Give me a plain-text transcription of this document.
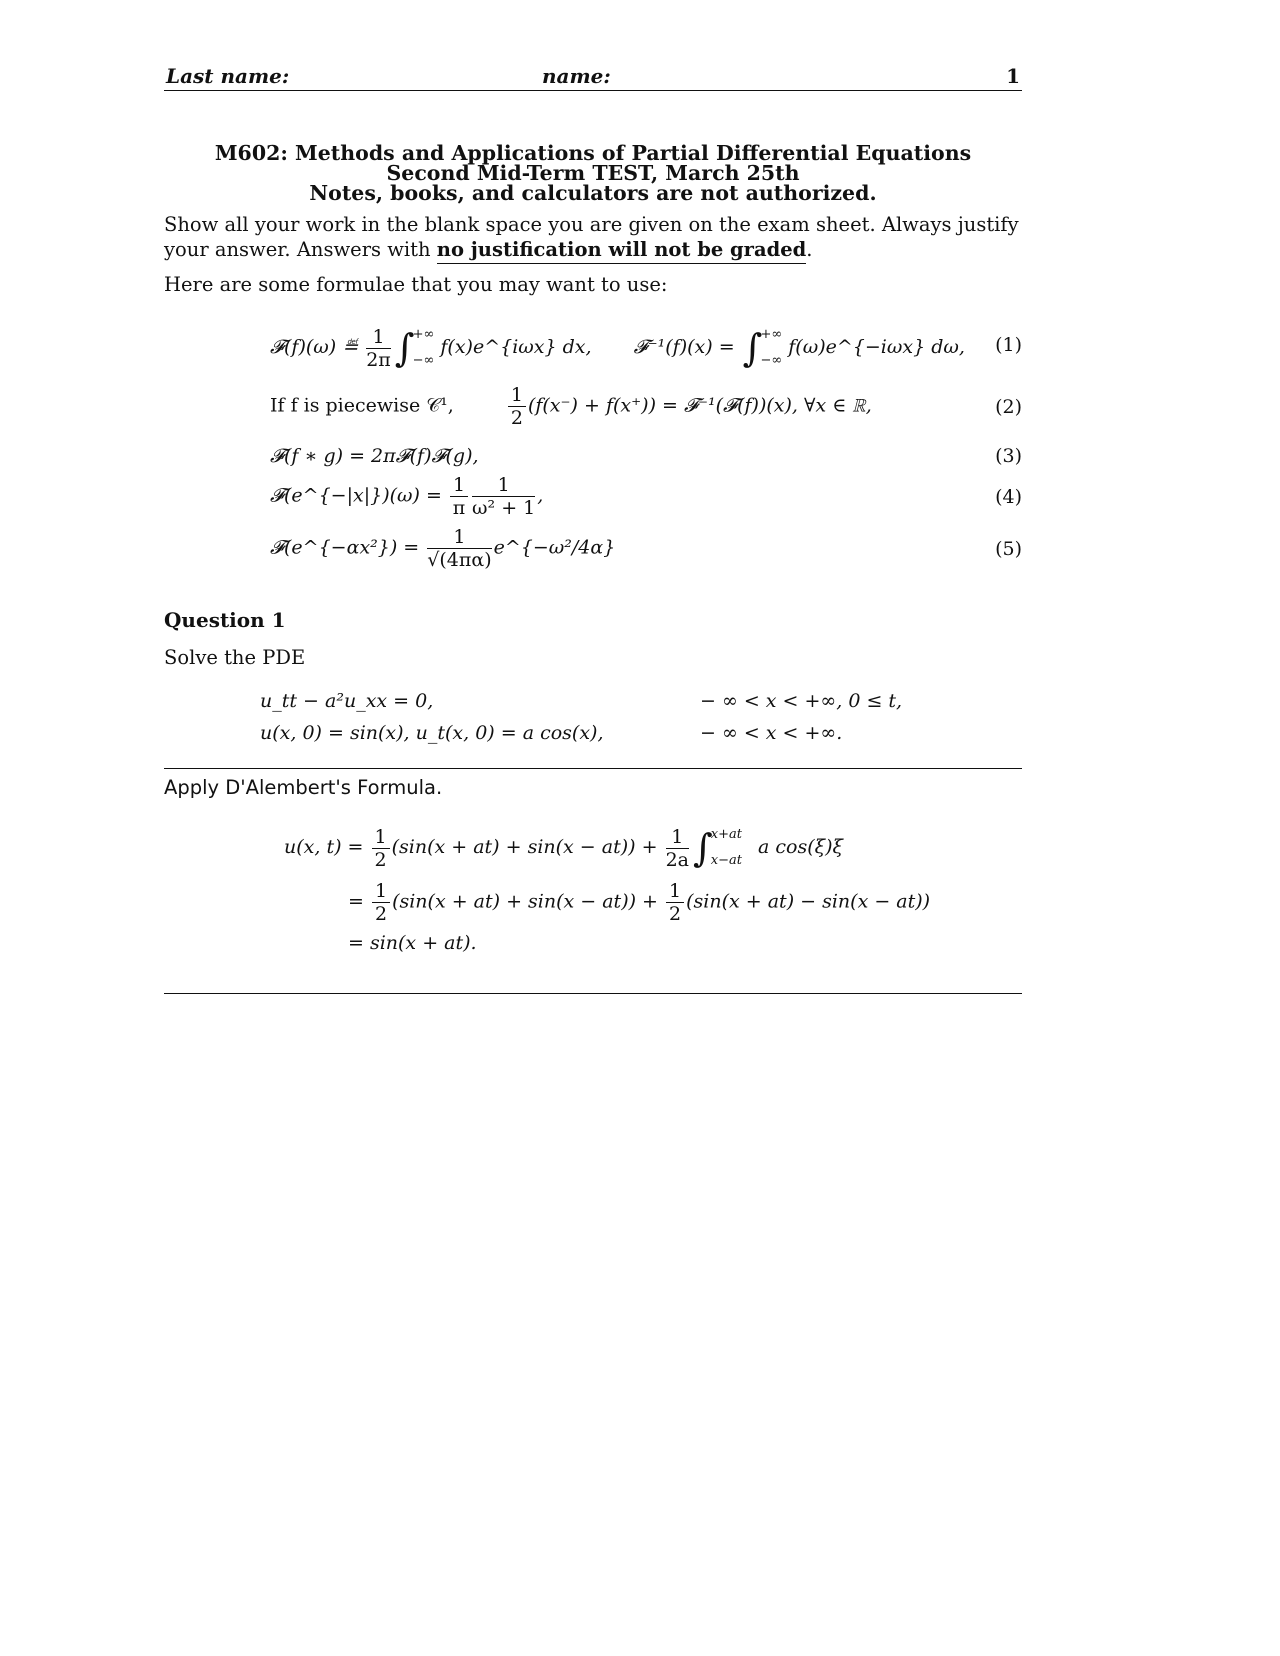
Last name:	name:	1
M602: Methods and Applications of Partial Differential Equations
Second Mid-Term TEST, March 25th
Notes, books, and calculators are not authorized.
Show all your work in the blank space you are given on the exam sheet. Always justify your answer. Answers with no justification will not be graded.
Here are some formulae that you may want to use:
𝓕(f)(ω) ≝ $\frac{1}{2\pi}$ ∫
+∞
−∞
f(x)e^{iωx} dx, 𝓕⁻¹(f)(x) = ∫
+∞
−∞
f(ω)e^{−iωx} dω, (1)
If f is piecewise 𝒞¹,	$\frac{1}{2} (f(x^-) + f(x^+))$ = 𝓕⁻¹(𝓕(f))(x), ∀x ∈ ℝ,	(2)
𝓕(f ∗ g) = 2π𝓕(f)𝓕(g),	(3)
𝓕(e^{−|x|})(ω) = $\frac{1}{\pi} \frac{1}{\text{ω² + 1}}$ ,	(4)
𝓕(e^{−αx²}) = $\frac{1}{√(4\pi\alpha)}$ e^{−ω²/4α}	(5)
Question 1
Solve the PDE
u_tt − a²u_xx = 0,	− ∞ < x < +∞, 0 ≤ t,
u(x, 0) = sin(x), u_t(x, 0) = a cos(x),	− ∞ < x < +∞.
Apply D'Alembert's Formula.
u(x, $t) = \frac{1}{2} (\sin(x + at) + \sin(x - at)) + \frac{1}{2a}$ ∫
x+at
x−at
a cos(ξ)ξ
= $\frac{1}{2} (\sin(x + at) + \sin(x - at)) + \frac{1}{2} (\sin(x + at) - \sin(x - at))$
= sin(x + at).
